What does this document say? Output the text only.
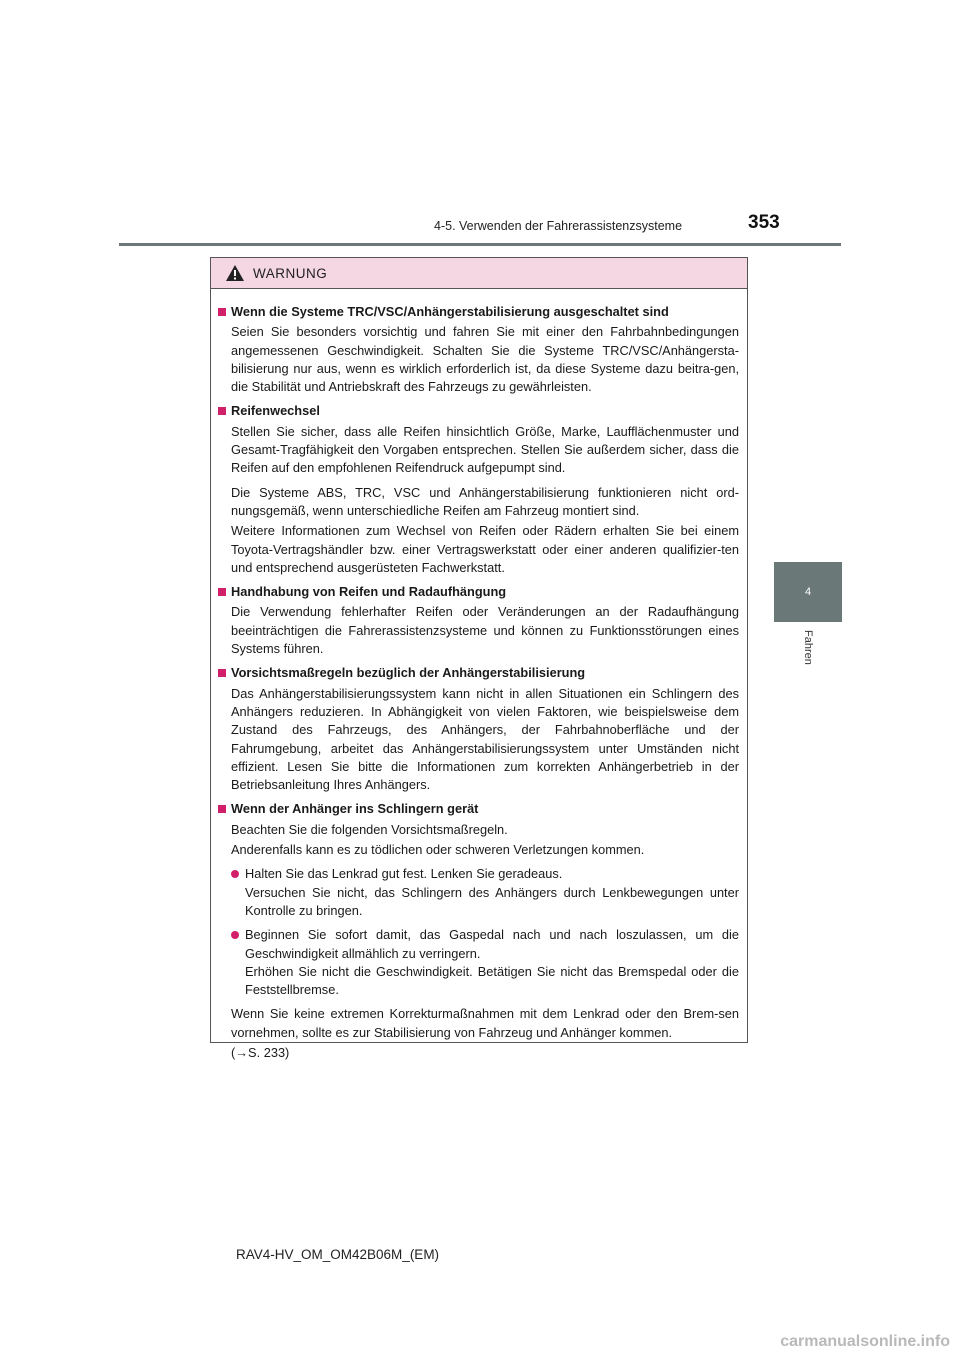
4-5. Verwenden der Fahrerassistenzsysteme	353
4
Fahren
WARNUNG
Wenn die Systeme TRC/VSC/Anhängerstabilisierung ausgeschaltet sind
Seien Sie besonders vorsichtig und fahren Sie mit einer den Fahrbahnbedingungen angemessenen Geschwindigkeit. Schalten Sie die Systeme TRC/VSC/Anhängersta-bilisierung nur aus, wenn es wirklich erforderlich ist, da diese Systeme dazu beitra-gen, die Stabilität und Antriebskraft des Fahrzeugs zu gewährleisten.
Reifenwechsel
Stellen Sie sicher, dass alle Reifen hinsichtlich Größe, Marke, Laufflächenmuster und Gesamt-Tragfähigkeit den Vorgaben entsprechen. Stellen Sie außerdem sicher, dass die Reifen auf den empfohlenen Reifendruck aufgepumpt sind.
Die Systeme ABS, TRC, VSC und Anhängerstabilisierung funktionieren nicht ord-nungsgemäß, wenn unterschiedliche Reifen am Fahrzeug montiert sind.
Weitere Informationen zum Wechsel von Reifen oder Rädern erhalten Sie bei einem Toyota-Vertragshändler bzw. einer Vertragswerkstatt oder einer anderen qualifizier-ten und entsprechend ausgerüsteten Fachwerkstatt.
Handhabung von Reifen und Radaufhängung
Die Verwendung fehlerhafter Reifen oder Veränderungen an der Radaufhängung beeinträchtigen die Fahrerassistenzsysteme und können zu Funktionsstörungen eines Systems führen.
Vorsichtsmaßregeln bezüglich der Anhängerstabilisierung
Das Anhängerstabilisierungssystem kann nicht in allen Situationen ein Schlingern des Anhängers reduzieren. In Abhängigkeit von vielen Faktoren, wie beispielsweise dem Zustand des Fahrzeugs, des Anhängers, der Fahrbahnoberfläche und der Fahrumgebung, arbeitet das Anhängerstabilisierungssystem unter Umständen nicht effizient. Lesen Sie bitte die Informationen zum korrekten Anhängerbetrieb in der Betriebsanleitung Ihres Anhängers.
Wenn der Anhänger ins Schlingern gerät
Beachten Sie die folgenden Vorsichtsmaßregeln.
Anderenfalls kann es zu tödlichen oder schweren Verletzungen kommen.
Halten Sie das Lenkrad gut fest. Lenken Sie geradeaus.
Versuchen Sie nicht, das Schlingern des Anhängers durch Lenkbewegungen unter Kontrolle zu bringen.
Beginnen Sie sofort damit, das Gaspedal nach und nach loszulassen, um die Geschwindigkeit allmählich zu verringern.
Erhöhen Sie nicht die Geschwindigkeit. Betätigen Sie nicht das Bremspedal oder die Feststellbremse.
Wenn Sie keine extremen Korrekturmaßnahmen mit dem Lenkrad oder den Brem-sen vornehmen, sollte es zur Stabilisierung von Fahrzeug und Anhänger kommen.
(→S. 233)
RAV4-HV_OM_OM42B06M_(EM)
carmanualsonline.info
